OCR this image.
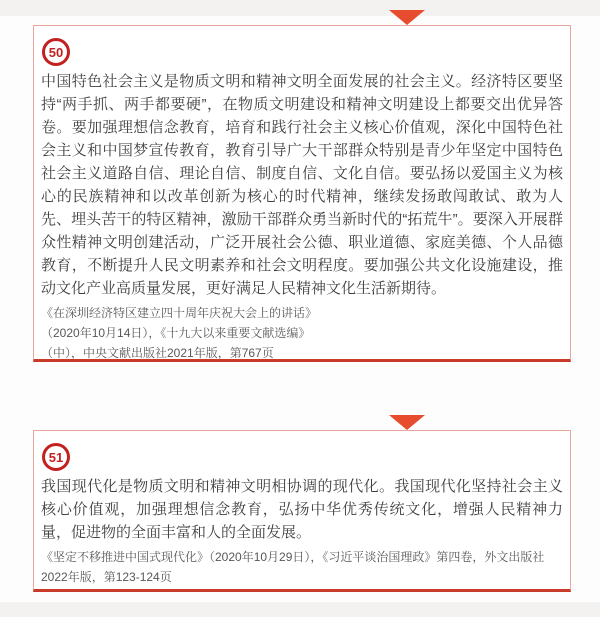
50

中国特色社会主义是物质文明和精神文明全面发展的社会主义。经济特区要坚持“两手抓、两手都要硬”，在物质文明建设和精神文明建设上都要交出优异答卷。要加强理想信念教育，培育和践行社会主义核心价值观，深化中国特色社会主义和中国梦宣传教育，教育引导广大干部群众特别是青少年坚定中国特色社会主义道路自信、理论自信、制度自信、文化自信。要弘扬以爱国主义为核心的民族精神和以改革创新为核心的时代精神，继续发扬敢闯敢试、敢为人先、埋头苦干的特区精神，激励干部群众勇当新时代的“拓荒牛”。要深入开展群众性精神文明创建活动，广泛开展社会公德、职业道德、家庭美德、个人品德教育，不断提升人民文明素养和社会文明程度。要加强公共文化设施建设，推动文化产业高质量发展，更好满足人民精神文化生活新期待。

《在深圳经济特区建立四十周年庆祝大会上的讲话》
（2020年10月14日），《十九大以来重要文献选编》
（中），中央文献出版社2021年版，第767页
51

我国现代化是物质文明和精神文明相协调的现代化。我国现代化坚持社会主义核心价值观，加强理想信念教育，弘扬中华优秀传统文化，增强人民精神力量，促进物的全面丰富和人的全面发展。

《坚定不移推进中国式现代化》（2020年10月29日），《习近平谈治国理政》第四卷，外文出版社
2022年版，第123-124页
